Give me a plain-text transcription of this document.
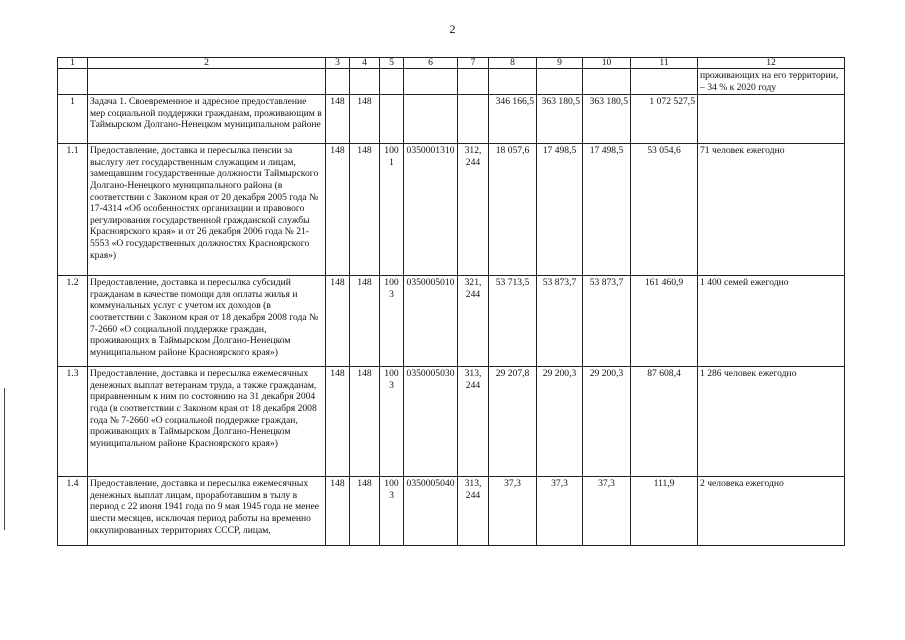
2
1	2	3	4	5	6	7	8	9	10	11	12
											проживающих на его территории, – 34 % к 2020 году
1	Задача 1. Своевременное и адресное предоставление мер социальной поддержки гражданам, проживающим в Таймырском Долгано-Ненецком муниципальном районе	148	148				346 166,5	363 180,5	363 180,5	1 072 527,5	
1.1	Предоставление, доставка и пересылка пенсии за выслугу лет государственным служащим и лицам, замещавшим государственные должности Таймырского Долгано-Ненецкого муниципального района (в соответствии с Законом края от 20 декабря 2005 года № 17-4314 «Об особенностях организации и правового регулирования государственной гражданской службы Красноярского края» и от 26 декабря 2006 года № 21-5553 «О государственных должностях Красноярского края»)	148	148	1001	0350001310	312, 244	18 057,6	17 498,5	17 498,5	53 054,6	71 человек ежегодно
1.2	Предоставление, доставка и пересылка субсидий гражданам в качестве помощи для оплаты жилья и коммунальных услуг с учетом их доходов (в соответствии с Законом края от 18 декабря 2008 года № 7-2660 «О социальной поддержке граждан, проживающих в Таймырском Долгано-Ненецком муниципальном районе Красноярского края»)	148	148	1003	0350005010	321, 244	53 713,5	53 873,7	53 873,7	161 460,9	1 400 семей ежегодно
1.3	Предоставление, доставка и пересылка ежемесячных денежных выплат ветеранам труда, а также гражданам, приравненным к ним по состоянию на 31 декабря 2004 года (в соответствии с Законом края от 18 декабря 2008 года № 7-2660 «О социальной поддержке граждан, проживающих в Таймырском Долгано-Ненецком муниципальном районе Красноярского края»)	148	148	1003	0350005030	313, 244	29 207,8	29 200,3	29 200,3	87 608,4	1 286 человек ежегодно
1.4	Предоставление, доставка и пересылка ежемесячных денежных выплат лицам, проработавшим в тылу в период с 22 июня 1941 года по 9 мая 1945 года не менее шести месяцев, исключая период работы на временно оккупированных территориях СССР, лицам,	148	148	1003	0350005040	313, 244	37,3	37,3	37,3	111,9	2 человека ежегодно
